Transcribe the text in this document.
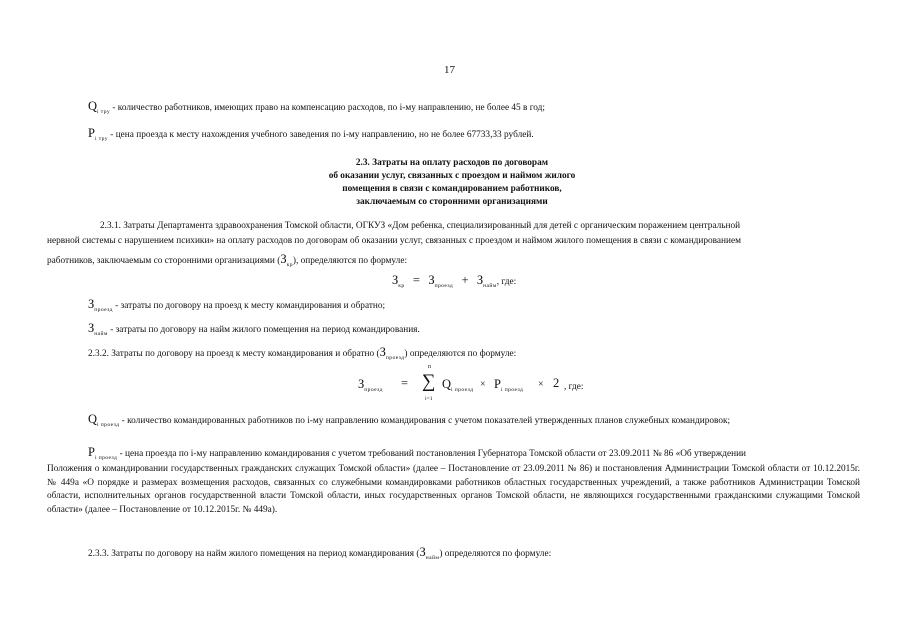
17
$Q_{i тру}$ - количество работников, имеющих право на компенсацию расходов, по i-му направлению, не более 45 в год;
$P_{i тру}$ - цена проезда к месту нахождения учебного заведения по i-му направлению, но не более 67733,33 рублей.
2.3. Затраты на оплату расходов по договорам
об оказании услуг, связанных с проездом и наймом жилого
помещения в связи с командированием работников,
заключаемым со сторонними организациями
2.3.1. Затраты Департамента здравоохранения Томской области, ОГКУЗ «Дом ребенка, специализированный для детей с органическим поражением центральной
нервной системы с нарушением психики» на оплату расходов по договорам об оказании услуг, связанных с проездом и наймом жилого помещения в связи с командированием
работников, заключаемым со сторонними организациями $(З_{кр})$, определяются по формуле:
$З_{кр} = З_{проезд} + З_{найм}$, где:
$З_{проезд}$ - затраты по договору на проезд к месту командирования и обратно;
$З_{найм}$ - затраты по договору на найм жилого помещения на период командирования.
2.3.2. Затраты по договору на проезд к месту командирования и обратно $(З_{проезд})$ определяются по формуле:
$З_{проезд}$ =
n
∑
i=1
$Q_{i проезд} \times P_{i проезд} \times 2$ , где:
$Q_{i проезд}$ - количество командированных работников по i-му направлению командирования с учетом показателей утвержденных планов служебных командировок;
$P_{i проезд}$ - цена проезда по i-му направлению командирования с учетом требований постановления Губернатора Томской области от 23.09.2011 № 86 «Об утверждении
Положения о командировании государственных гражданских служащих Томской области» (далее – Постановление от 23.09.2011 № 86) и постановления Администрации Томской области от 10.12.2015г. № 449а «О порядке и размерах возмещения расходов, связанных со служебными командировками работников областных государственных учреждений, а также работников Администрации Томской области, исполнительных органов государственной власти Томской области, иных государственных органов Томской области, не являющихся государственными гражданскими служащими Томской области» (далее – Постановление от 10.12.2015г. № 449а).
2.3.3. Затраты по договору на найм жилого помещения на период командирования $(З_{найм})$ определяются по формуле:
